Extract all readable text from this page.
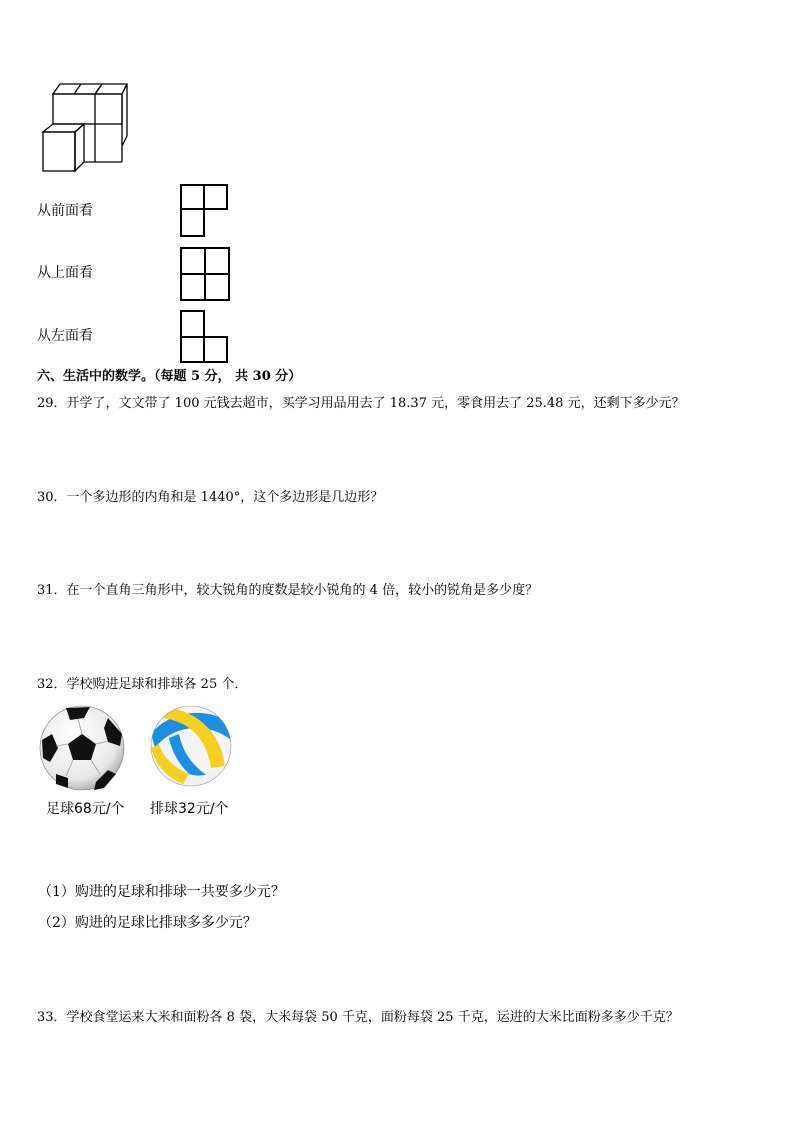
从前面看
从上面看
从左面看
六、生活中的数学。（每题 5 分， 共 30 分）
29．开学了，文文带了 100 元钱去超市，买学习用品用去了 18.37 元，零食用去了 25.48 元，还剩下多少元？
30．一个多边形的内角和是 1440°，这个多边形是几边形？
31．在一个直角三角形中，较大锐角的度数是较小锐角的 4 倍，较小的锐角是多少度？
32．学校购进足球和排球各 25 个．
足球68元/个 排球32元/个
（1）购进的足球和排球一共要多少元？
（2）购进的足球比排球多多少元？
33．学校食堂运来大米和面粉各 8 袋，大米每袋 50 千克，面粉每袋 25 千克，运进的大米比面粉多多少千克？
